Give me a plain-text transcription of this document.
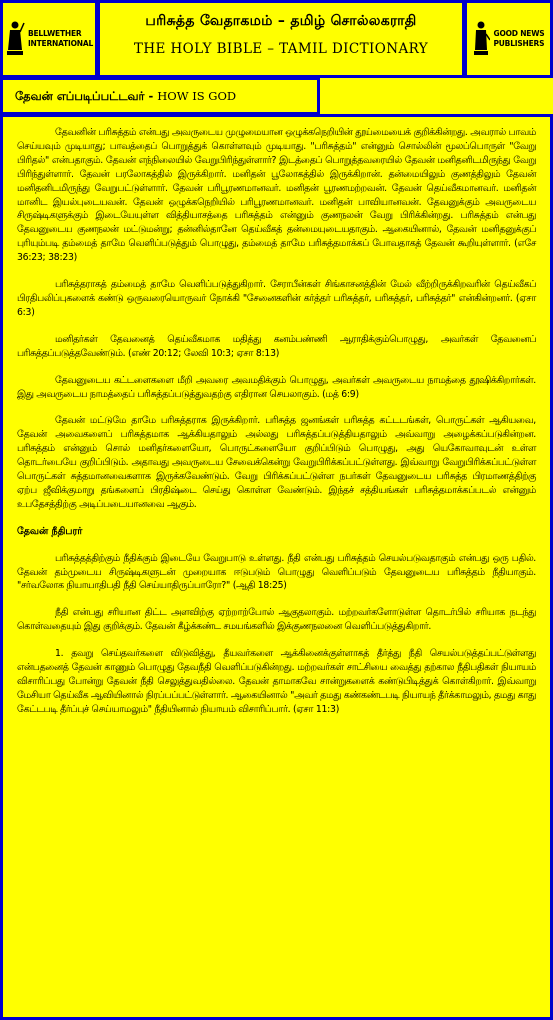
BELLWETHER
INTERNATIONAL
பரிசுத்த வேதாகமம் – தமிழ் சொல்லகராதி
THE HOLY BIBLE – TAMIL DICTIONARY
GOOD NEWS
PUBLISHERS
தேவன் எப்படிப்பட்டவர் - HOW IS GOD

தேவனின் பரிசுத்தம் என்பது அவருடைய முழுமையான ஒழுக்கநெறியின் தூய்மையைக் குறிக்கின்றது. அவரால் பாவம் செய்யவும் முடியாது; பாவத்தைப் பொறுத்துக் கொள்ளவும் முடியாது. "பரிசுத்தம்" என்னும் சொல்லின் மூலப்பொருள் "வேறு பிரிதல்" என்பதாகும். தேவன் எந்நிலையில் வேறுபிரிந்துள்ளார்? இடத்தைப் பொறுத்தவரையில் தேவன் மனிதனிடமிருந்து வேறு பிரிந்துள்ளார். தேவன் பரலோகத்தில் இருக்கிறார். மனிதன் பூலோகத்தில் இருக்கிறான். தன்மையிலும் குணத்திலும் தேவன் மனிதனிடமிருந்து வேறுபட்டுள்ளார். தேவன் பரிபூரணமானவர். மனிதன் பூரணமற்றவன். தேவன் தெய்வீகமானவர். மனிதன் மானிட இயல்புடையவன். தேவன் ஒழுக்கநெறியில் பரிபூரணமானவர். மனிதன் பாவியானவன். தேவனுக்கும் அவருடைய சிருஷ்டிகளுக்கும் இடையேயுள்ள வித்தியாசத்தை பரிசுத்தம் என்னும் குணநலன் வேறு பிரிக்கின்றது. பரிசுத்தம் என்பது தேவனுடைய குணநலன் மட்டுமன்று; தன்னில்தானே தெய்வீகத் தன்மையுடையதாகும். ஆகையினால், தேவன் மனிதனுக்குப் புரியும்படி தம்மைத் தாமே வெளிப்படுத்தும் பொழுது, தம்மைத் தாமே பரிசுத்தமாக்கப் போவதாகத் தேவன் கூறியுள்ளார். (எசே 36:23; 38:23)

பரிசுத்தராகத் தம்மைத் தாமே வெளிப்படுத்துகிறார். சேராபீன்கள் சிங்காசனத்தின் மேல் வீற்றிருக்கிறவரின் தெய்வீகப் பிரதிபலிப்புகளைக் கண்டு ஒருவரையொருவர் நோக்கி "சேனைகளின் கர்த்தர் பரிசுத்தர், பரிசுத்தர், பரிசுத்தர்" என்கின்றனர். (ஏசா 6:3)

மனிதர்கள் தேவனைத் தெய்வீகமாக மதித்து கனம்பண்ணி ஆராதிக்கும்பொழுது, அவர்கள் தேவனைப் பரிசுத்தப்படுத்தவேண்டும். (எண் 20:12; லேவி 10:3; ஏசா 8:13)

தேவனுடைய கட்டளைகளை மீறி அவரை அவமதிக்கும் பொழுது, அவர்கள் அவருடைய நாமத்தை தூஷிக்கிறார்கள். இது அவருடைய நாமத்தைப் பரிசுத்தப்படுத்துவதற்கு எதிரான செயலாகும். (மத் 6:9)

தேவன் மட்டுமே தாமே பரிசுத்தராக இருக்கிறார். பரிசுத்த ஜனங்கள் பரிசுத்த கட்டடங்கள், பொருட்கள் ஆகியவை, தேவன் அவைகளைப் பரிசுத்தமாக ஆக்கியதாலும் அல்லது பரிசுத்தப்படுத்தியதாலும் அவ்வாறு அழைக்கப்படுகின்றன. பரிசுத்தம் என்னும் சொல் மனிதர்களையோ, பொருட்களையோ குறிப்பிடும் பொழுது, அது யெகோவாவுடன் உள்ள தொடர்பையே குறிப்பிடும். அதாவது அவருடைய சேவைக்கென்று வேறுபிரிக்கப்பட்டுள்ளது. இவ்வாறு வேறுபிரிக்கப்பட்டுள்ள பொருட்கள் சுத்தமானவைகளாக இருக்கவேண்டும். வேறு பிரிக்கப்பட்டுள்ள நபர்கள் தேவனுடைய பரிசுத்த பிரமாணத்திற்கு ஏற்ப ஜீவிக்குமாறு தங்களைப் பிரதிஷ்டை செய்து கொள்ள வேண்டும். இந்தச் சத்தியங்கள் பரிசுத்தமாக்கப்படல் என்னும் உபதேசத்திற்கு அடிப்படையானவை ஆகும்.

தேவன் நீதிபரர்

பரிசுத்தத்திற்கும் நீதிக்கும் இடையே வேறுபாடு உள்ளது. நீதி என்பது பரிசுத்தம் செயல்படுவதாகும் என்பது ஒரு பதில். தேவன் தம்முடைய சிருஷ்டிகளுடன் முறையாக ஈடுபடும் பொழுது வெளிப்படும் தேவனுடைய பரிசுத்தம் நீதியாகும். "சர்வலோக நியாயாதிபதி நீதி செய்யாதிருப்பாரோ?" (ஆதி 18:25)

நீதி என்பது சரியான திட்ட அளவிற்கு ஏற்றாற்போல் ஆகுதலாகும். மற்றவர்களோடுள்ள தொடர்பில் சரியாக நடந்து கொள்வதையும் இது குறிக்கும். தேவன் கீழ்க்கண்ட சமயங்களில் இக்குணநலனை வெளிப்படுத்துகிறார்.

1. தவறு செய்தவர்களை விடுவித்து, தீயவர்களை ஆக்கினைக்குள்ளாகத் தீர்த்து நீதி செயல்படுத்தப்பட்டுள்ளது என்பதனைத் தேவன் காணும் பொழுது தேவநீதி வெளிப்படுகின்றது. மற்றவர்கள் சாட்சியை வைத்து தற்கால நீதிபதிகள் நியாயம் விசாரிப்பது போன்று தேவன் நீதி செலுத்துவதில்லை. தேவன் தாமாகவே சான்றுகளைக் கண்டுபிடித்துக் கொள்கிறார். இவ்வாறு மேசியா தெய்வீக ஆவியினால் நிரப்பப்பட்டுள்ளார். ஆகையினால் "அவர் தமது கண்கண்டபடி நியாயந் தீர்க்காமலும், தமது காது கேட்டபடி தீர்ப்புச் செய்யாமலும்" நீதியினால் நியாயம் விசாரிப்பார். (ஏசா 11:3)
